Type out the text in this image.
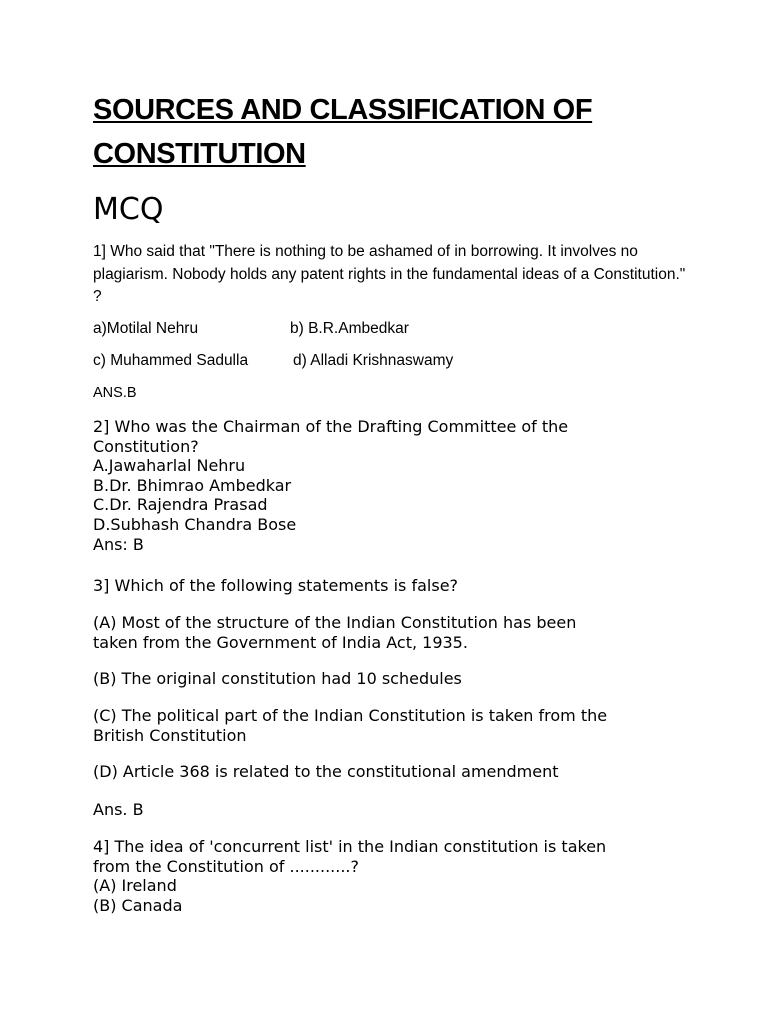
SOURCES AND CLASSIFICATION OF
CONSTITUTION
MCQ
1] Who said that "There is nothing to be ashamed of in borrowing. It involves no plagiarism. Nobody holds any patent rights in the fundamental ideas of a Constitution." ?
a)Motilal Nehru	b) B.R.Ambedkar
c) Muhammed Sadulla	d) Alladi Krishnaswamy
ANS.B
2] Who was the Chairman of the Drafting Committee of the
Constitution?
A.Jawaharlal Nehru
B.Dr. Bhimrao Ambedkar
C.Dr. Rajendra Prasad
D.Subhash Chandra Bose
Ans: B
3] Which of the following statements is false?
(A) Most of the structure of the Indian Constitution has been
taken from the Government of India Act, 1935.
(B) The original constitution had 10 schedules
(C) The political part of the Indian Constitution is taken from the
British Constitution
(D) Article 368 is related to the constitutional amendment
Ans. B
4] The idea of 'concurrent list' in the Indian constitution is taken
from the Constitution of ............?
(A) Ireland
(B) Canada
